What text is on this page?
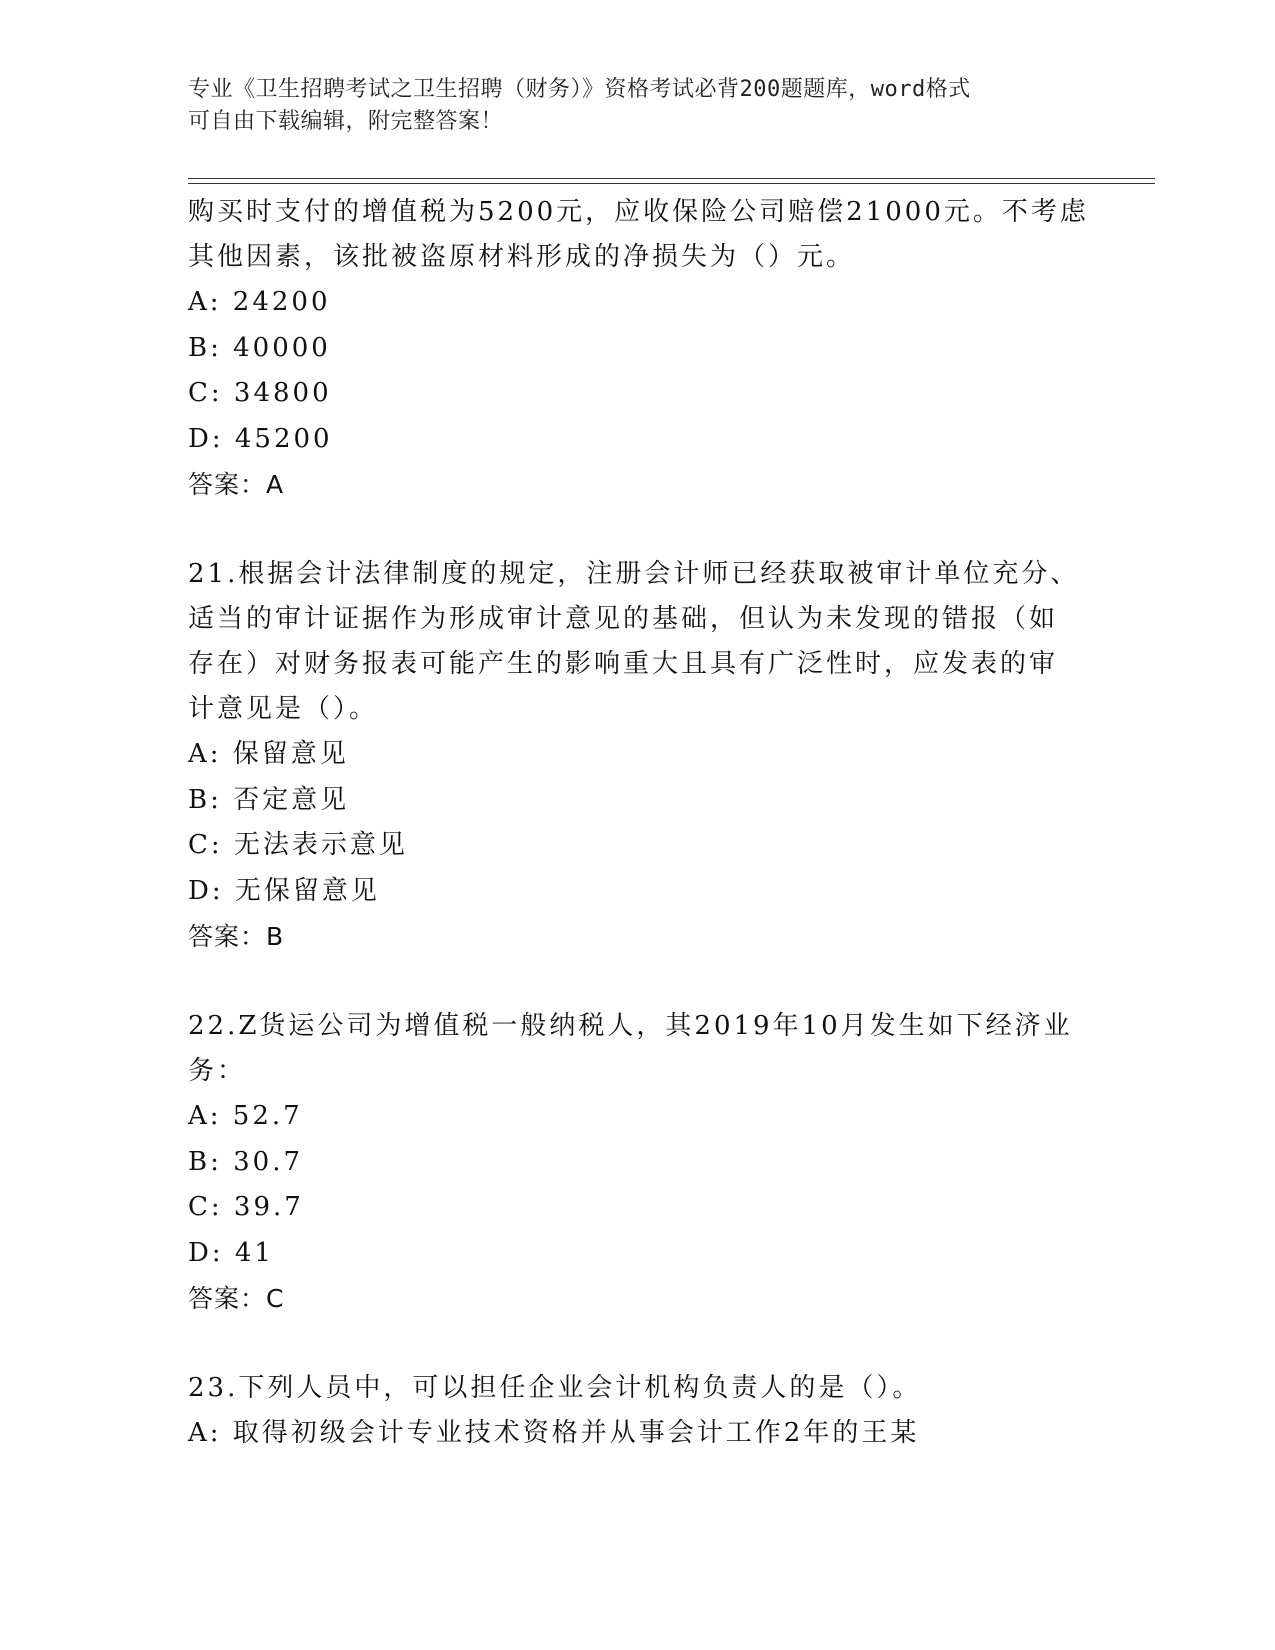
专业《卫生招聘考试之卫生招聘（财务）》资格考试必背200题题库，word格式
可自由下载编辑，附完整答案！
购买时支付的增值税为5200元，应收保险公司赔偿21000元。不考虑
其他因素，该批被盗原材料形成的净损失为（）元。
A: 24200
B: 40000
C: 34800
D: 45200
答案：A
21.根据会计法律制度的规定，注册会计师已经获取被审计单位充分、
适当的审计证据作为形成审计意见的基础，但认为未发现的错报（如
存在）对财务报表可能产生的影响重大且具有广泛性时，应发表的审
计意见是（）。
A: 保留意见
B: 否定意见
C: 无法表示意见
D: 无保留意见
答案：B
22.Z货运公司为增值税一般纳税人，其2019年10月发生如下经济业
务：
A: 52.7
B: 30.7
C: 39.7
D: 41
答案：C
23.下列人员中，可以担任企业会计机构负责人的是（）。
A: 取得初级会计专业技术资格并从事会计工作2年的王某
